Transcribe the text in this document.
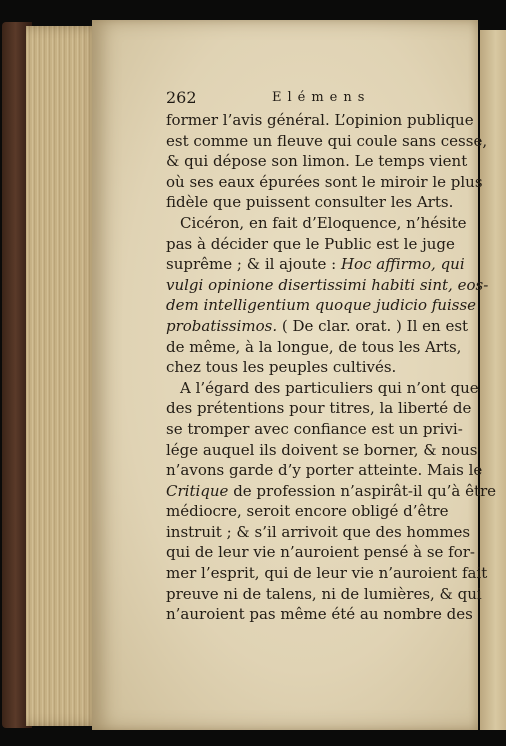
262	Elémens
former l’avis général. L’opinion publique
est comme un fleuve qui coule sans cesse,
& qui dépose son limon. Le temps vient
où ses eaux épurées sont le miroir le plus
fidèle que puissent consulter les Arts.
Cicéron, en fait d’Eloquence, n’hésite
pas à décider que le Public est le juge
suprême ; & il ajoute : Hoc affirmo, qui
vulgi opinione disertissimi habiti sint, eos-
dem intelligentium quoque judicio fuisse
probatissimos. ( De clar. orat. ) Il en est
de même, à la longue, de tous les Arts,
chez tous les peuples cultivés.
A l’égard des particuliers qui n’ont que
des prétentions pour titres, la liberté de
se tromper avec confiance est un privi-
lége auquel ils doivent se borner, & nous
n’avons garde d’y porter atteinte. Mais le
Critique de profession n’aspirât-il qu’à être
médiocre, seroit encore obligé d’être
instruit ; & s’il arrivoit que des hommes
qui de leur vie n’auroient pensé à se for-
mer l’esprit, qui de leur vie n’auroient fait
preuve ni de talens, ni de lumières, & qui
n’auroient pas même été au nombre des
